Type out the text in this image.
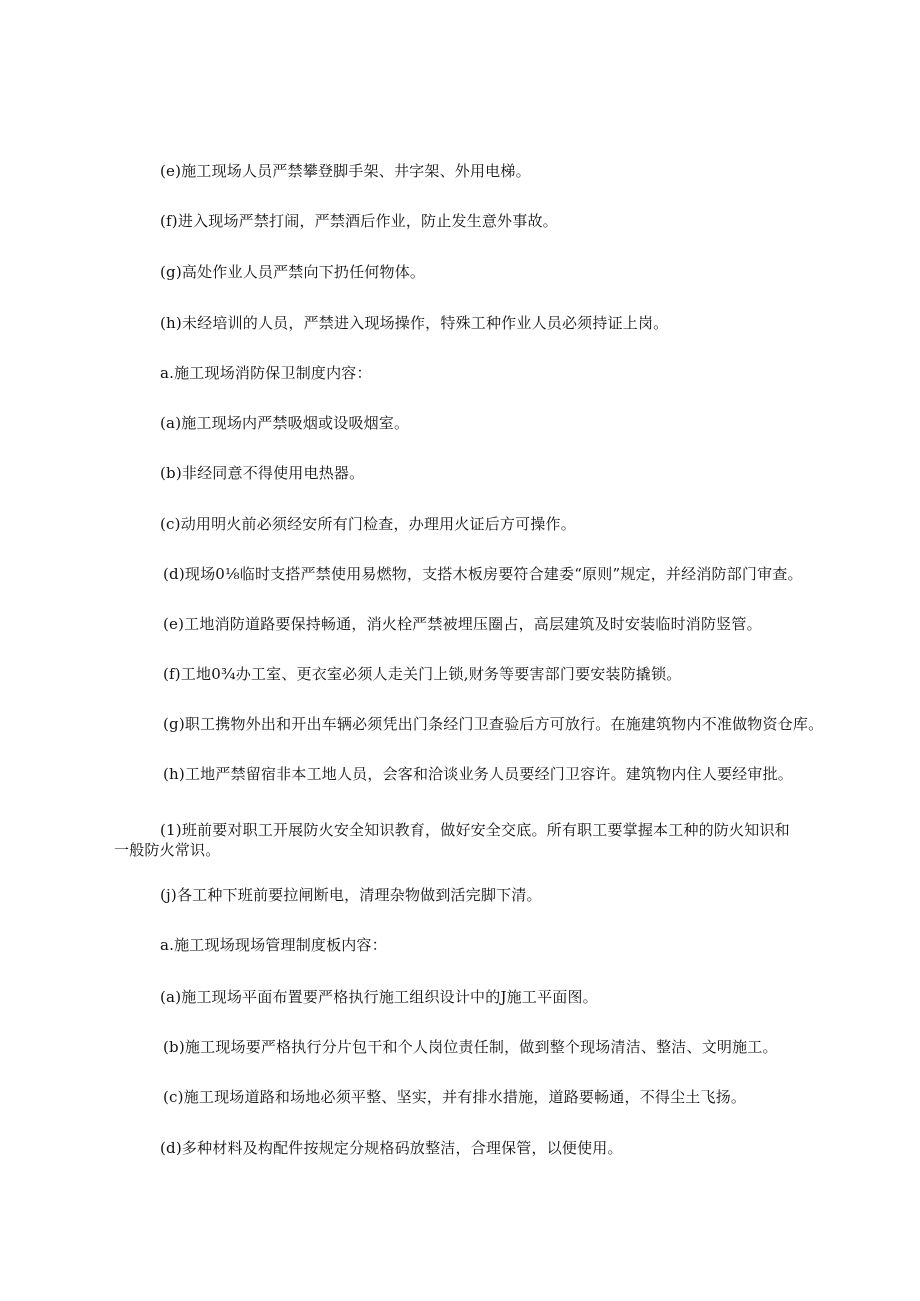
(e)施工现场人员严禁攀登脚手架、井字架、外用电梯。
(f)进入现场严禁打闹，严禁酒后作业，防止发生意外事故。
(g)高处作业人员严禁向下扔任何物体。
(h)未经培训的人员，严禁进入现场操作，特殊工种作业人员必须持证上岗。
a.施工现场消防保卫制度内容：
(a)施工现场内严禁吸烟或设吸烟室。
(b)非经同意不得使用电热器。
(c)动用明火前必须经安所有门检查，办理用火证后方可操作。
(d)现场0⅛临时支搭严禁使用易燃物，支搭木板房要符合建委“原则”规定，并经消防部门审查。
(e)工地消防道路要保持畅通，消火栓严禁被埋压圈占，高层建筑及时安装临时消防竖管。
(f)工地0¾办工室、更衣室必须人走关门上锁,财务等要害部门要安装防撬锁。
(g)职工携物外出和开出车辆必须凭出门条经门卫查验后方可放行。在施建筑物内不准做物资仓库。
(h)工地严禁留宿非本工地人员，会客和洽谈业务人员要经门卫容许。建筑物内住人要经审批。
(1)班前要对职工开展防火安全知识教育，做好安全交底。所有职工要掌握本工种的防火知识和
一般防火常识。
(j)各工种下班前要拉闸断电，清理杂物做到活完脚下清。
a.施工现场现场管理制度板内容：
(a)施工现场平面布置要严格执行施工组织设计中的J施工平面图。
(b)施工现场要严格执行分片包干和个人岗位责任制，做到整个现场清洁、整洁、文明施工。
(c)施工现场道路和场地必须平整、坚实，并有排水措施，道路要畅通，不得尘土飞扬。
(d)多种材料及构配件按规定分规格码放整洁，合理保管，以便使用。
